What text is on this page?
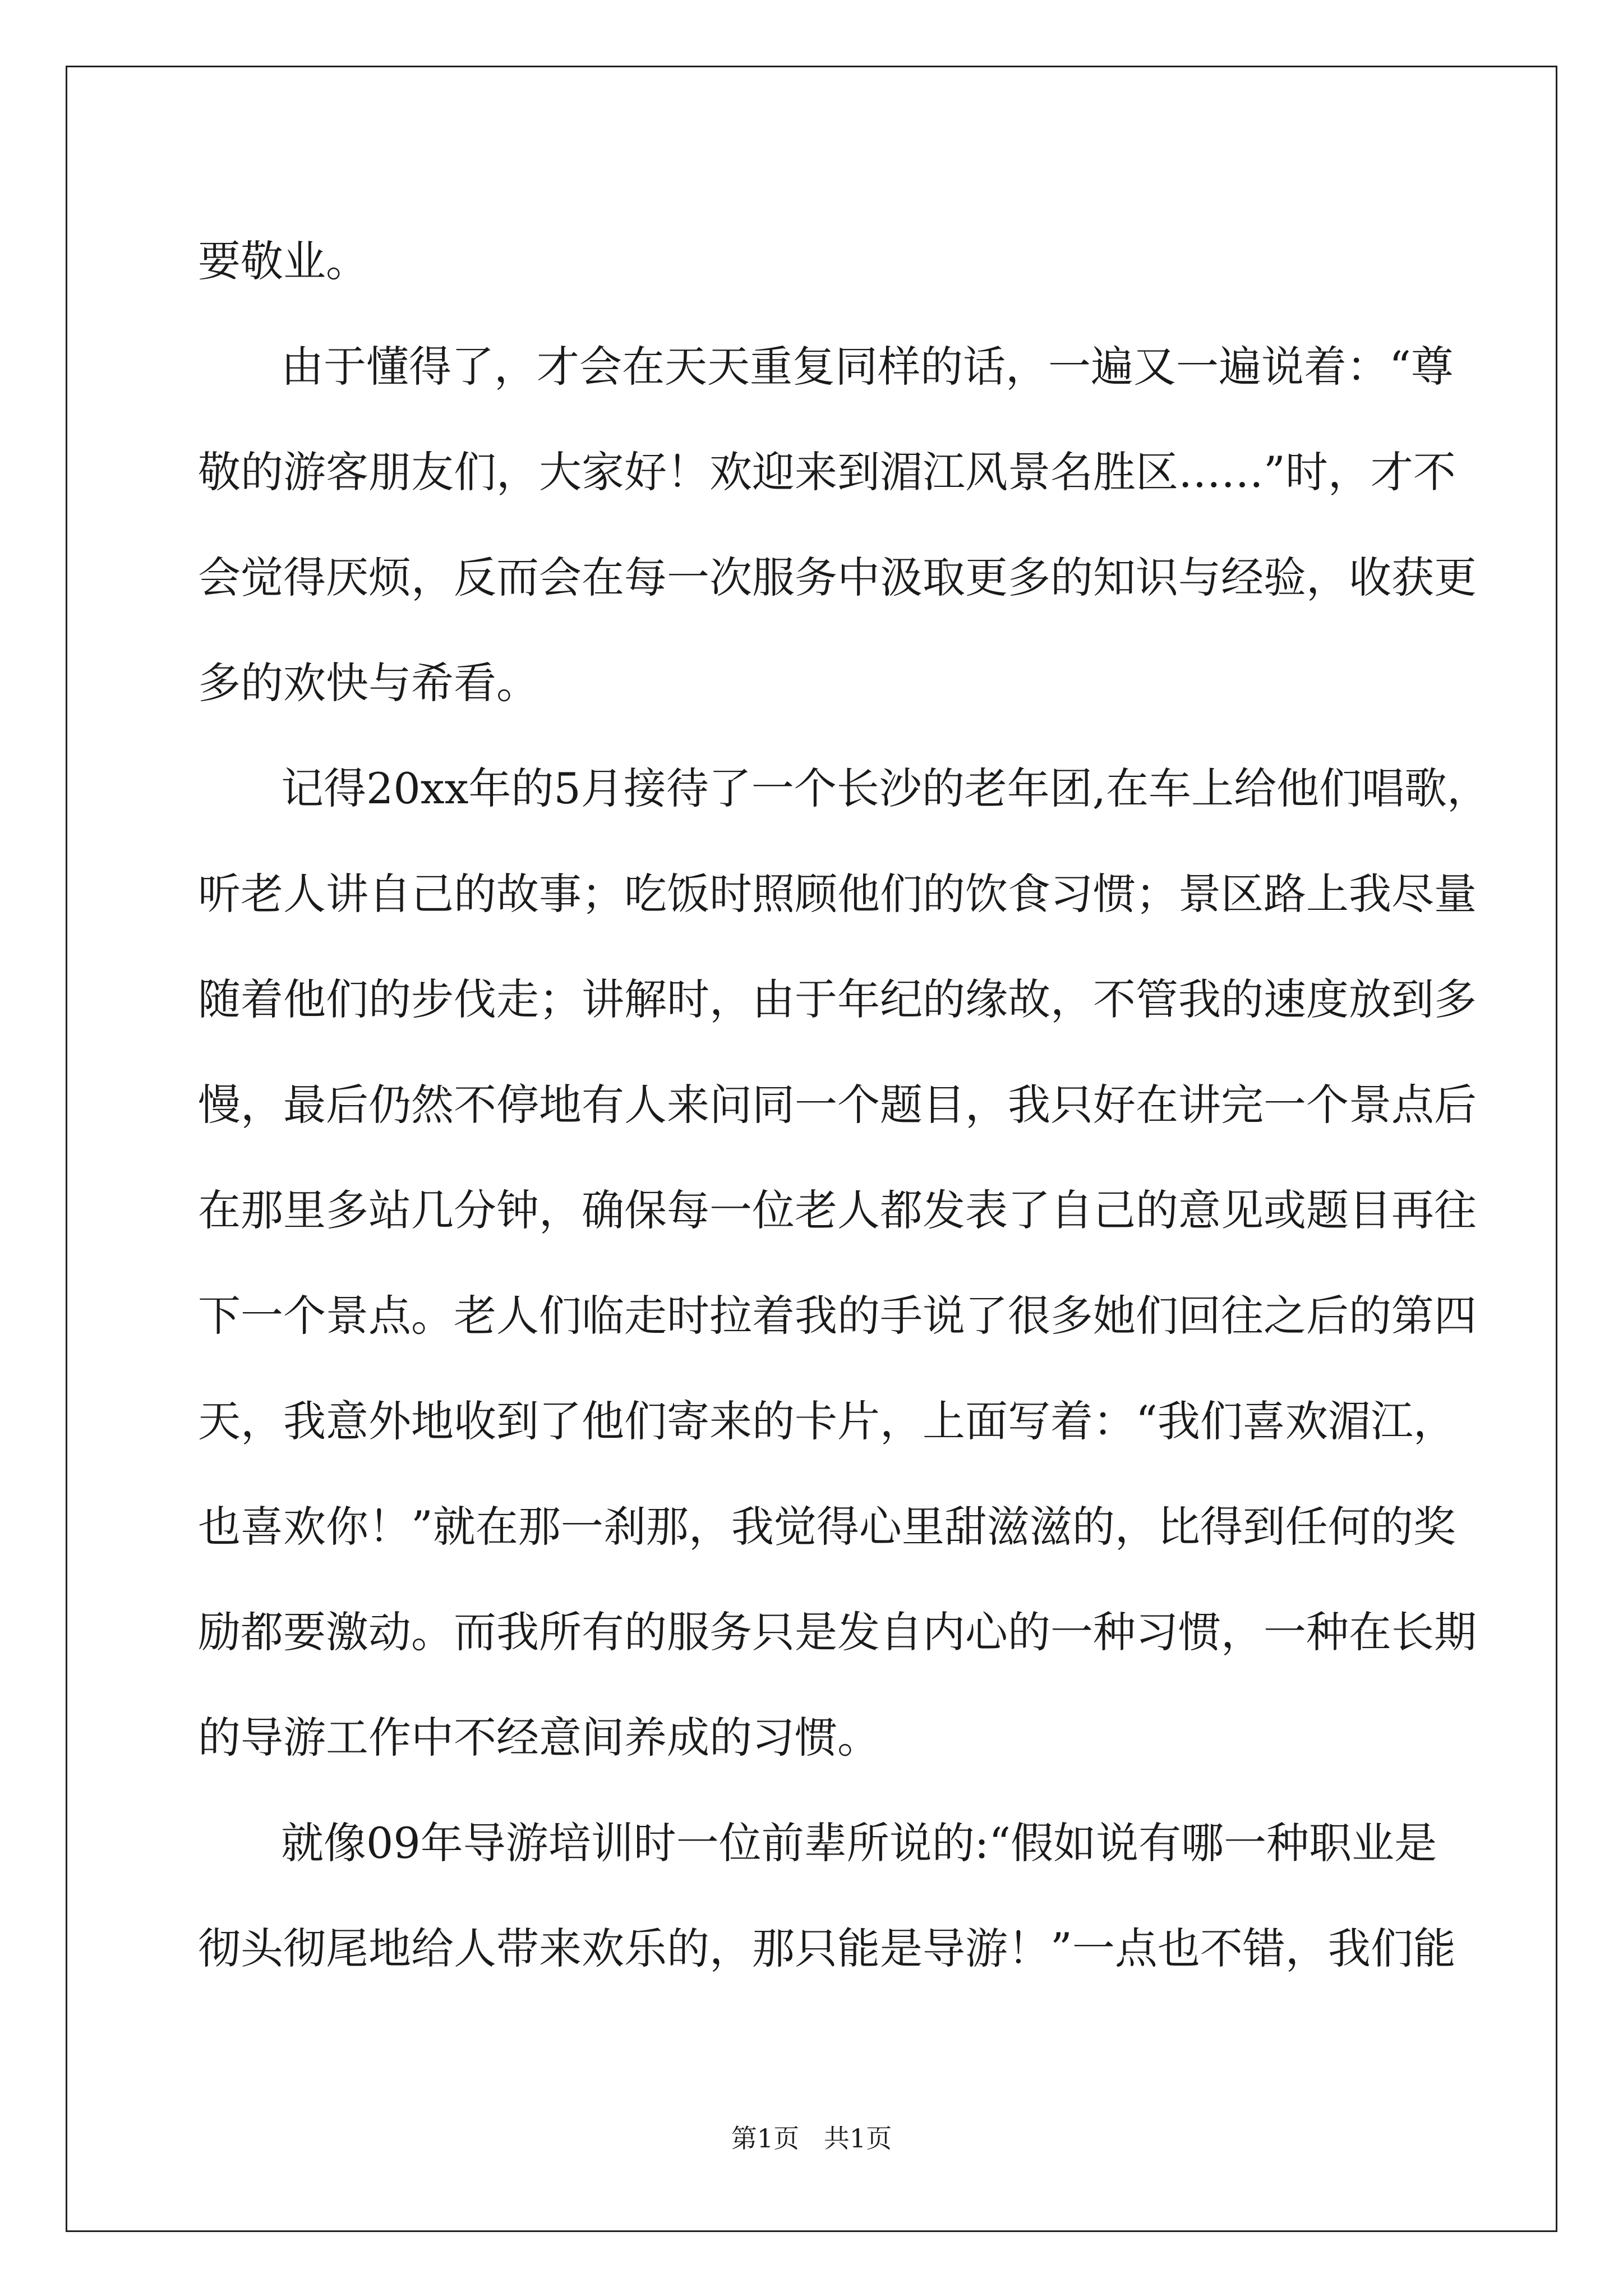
要敬业。
由于懂得了，才会在天天重复同样的话，一遍又一遍说着：“尊
敬的游客朋友们，大家好！欢迎来到湄江风景名胜区……”时，才不
会觉得厌烦，反而会在每一次服务中汲取更多的知识与经验，收获更
多的欢快与希看。
记得20xx年的5月接待了一个长沙的老年团,在车上给他们唱歌，
听老人讲自己的故事；吃饭时照顾他们的饮食习惯；景区路上我尽量
随着他们的步伐走；讲解时，由于年纪的缘故，不管我的速度放到多
慢，最后仍然不停地有人来问同一个题目，我只好在讲完一个景点后
在那里多站几分钟，确保每一位老人都发表了自己的意见或题目再往
下一个景点。老人们临走时拉着我的手说了很多她们回往之后的第四
天，我意外地收到了他们寄来的卡片，上面写着：“我们喜欢湄江，
也喜欢你！”就在那一刹那，我觉得心里甜滋滋的，比得到任何的奖
励都要激动。而我所有的服务只是发自内心的一种习惯，一种在长期
的导游工作中不经意间养成的习惯。
就像09年导游培训时一位前辈所说的:“假如说有哪一种职业是
彻头彻尾地给人带来欢乐的，那只能是导游！”一点也不错，我们能
第1页   共1页
